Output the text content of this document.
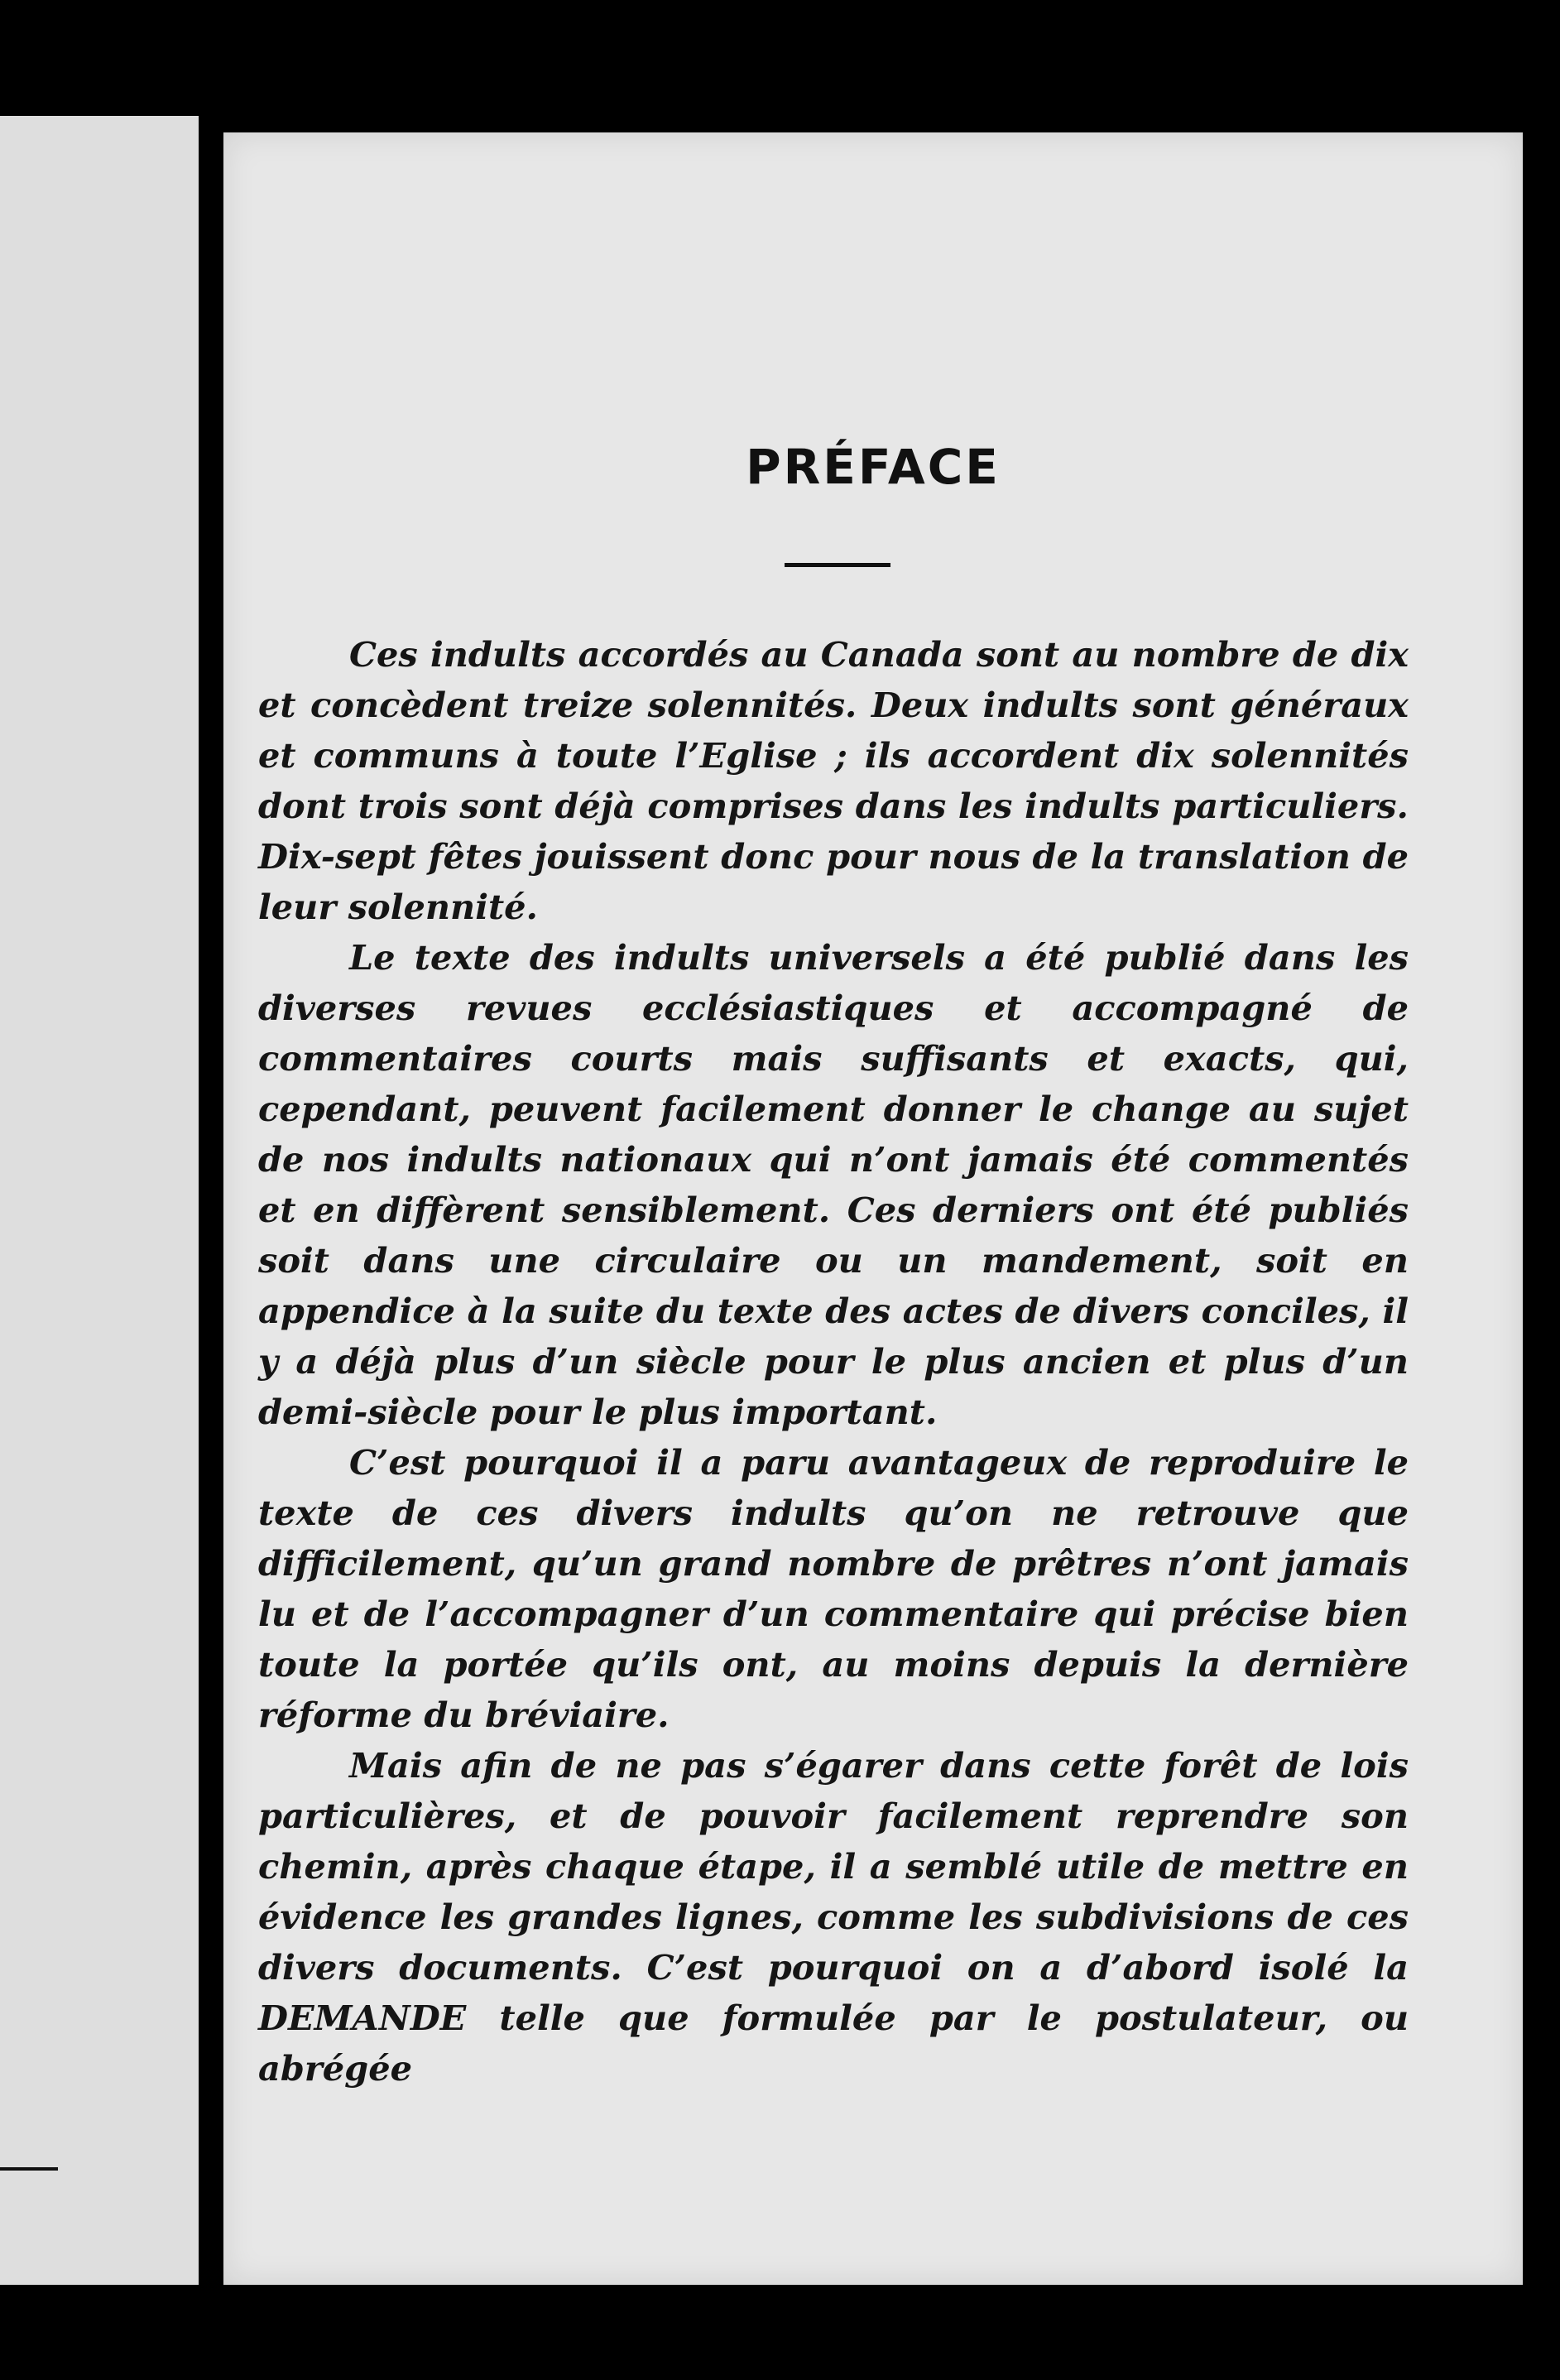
PRÉFACE

Ces indults accordés au Canada sont au nombre de dix et concèdent treize solennités. Deux indults sont généraux et communs à toute l’Eglise ; ils accordent dix solennités dont trois sont déjà comprises dans les indults particuliers. Dix-sept fêtes jouissent donc pour nous de la translation de leur solennité.

Le texte des indults universels a été publié dans les diverses revues ecclésiastiques et accompagné de commentaires courts mais suffisants et exacts, qui, cependant, peuvent facilement donner le change au sujet de nos indults nationaux qui n’ont jamais été commentés et en diffèrent sensiblement. Ces derniers ont été publiés soit dans une circulaire ou un mandement, soit en appendice à la suite du texte des actes de divers conciles, il y a déjà plus d’un siècle pour le plus ancien et plus d’un demi-siècle pour le plus important.

C’est pourquoi il a paru avantageux de reproduire le texte de ces divers indults qu’on ne retrouve que difficilement, qu’un grand nombre de prêtres n’ont jamais lu et de l’accompagner d’un commentaire qui précise bien toute la portée qu’ils ont, au moins depuis la dernière réforme du bréviaire.

Mais afin de ne pas s’égarer dans cette forêt de lois particulières, et de pouvoir facilement reprendre son chemin, après chaque étape, il a semblé utile de mettre en évidence les grandes lignes, comme les subdivisions de ces divers documents. C’est pourquoi on a d’abord isolé la DEMANDE telle que formulée par le postulateur, ou abrégée
